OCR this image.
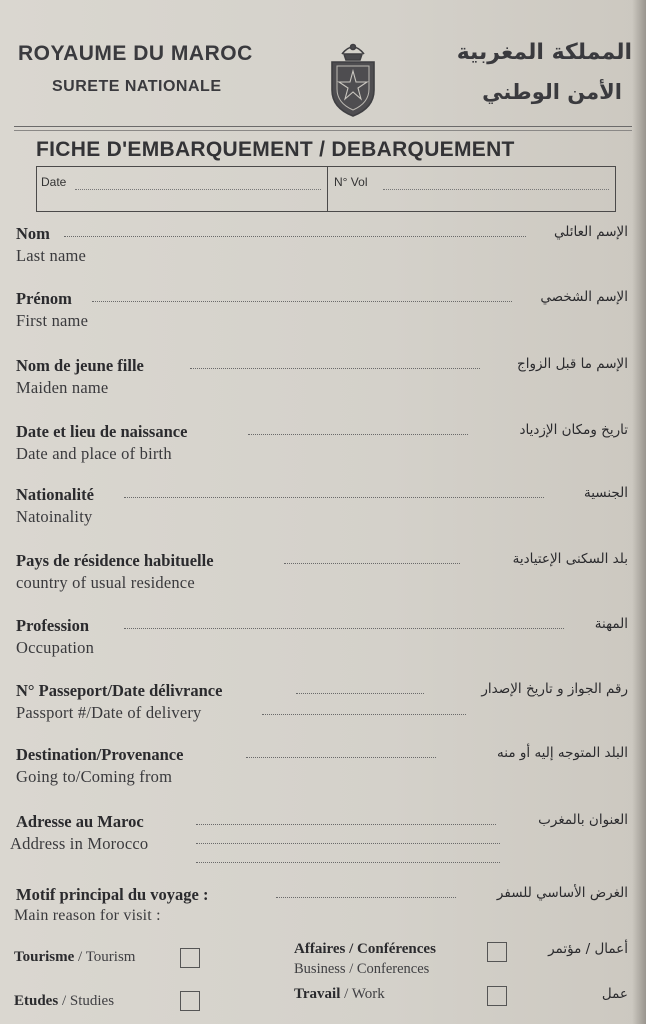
ROYAUME DU MAROC
SURETE NATIONALE
المملكة المغربية
الأمن الوطني
FICHE D'EMBARQUEMENT / DEBARQUEMENT
Date	N° Vol
Nom
Last name
الإسم العائلي
Prénom
First name
الإسم الشخصي
Nom de jeune fille
Maiden name
الإسم ما قبل الزواج
Date et lieu de naissance
Date and place of birth
تاريخ ومكان الإزدياد
Nationalité
Natoinality
الجنسية
Pays de résidence habituelle
country of usual residence
بلد السكنى الإعتيادية
Profession
Occupation
المهنة
N° Passeport/Date délivrance
Passport #/Date of delivery
رقم الجواز و تاريخ الإصدار
Destination/Provenance
Going to/Coming from
البلد المتوجه إليه أو منه
Adresse au Maroc
Address in Morocco
العنوان بالمغرب
Motif principal du voyage :
Main reason for visit :
الغرض الأساسي للسفر
Tourisme / Tourism
Etudes / Studies
Affaires / Conférences
Business / Conferences
أعمال / مؤتمر
Travail / Work	عمل
